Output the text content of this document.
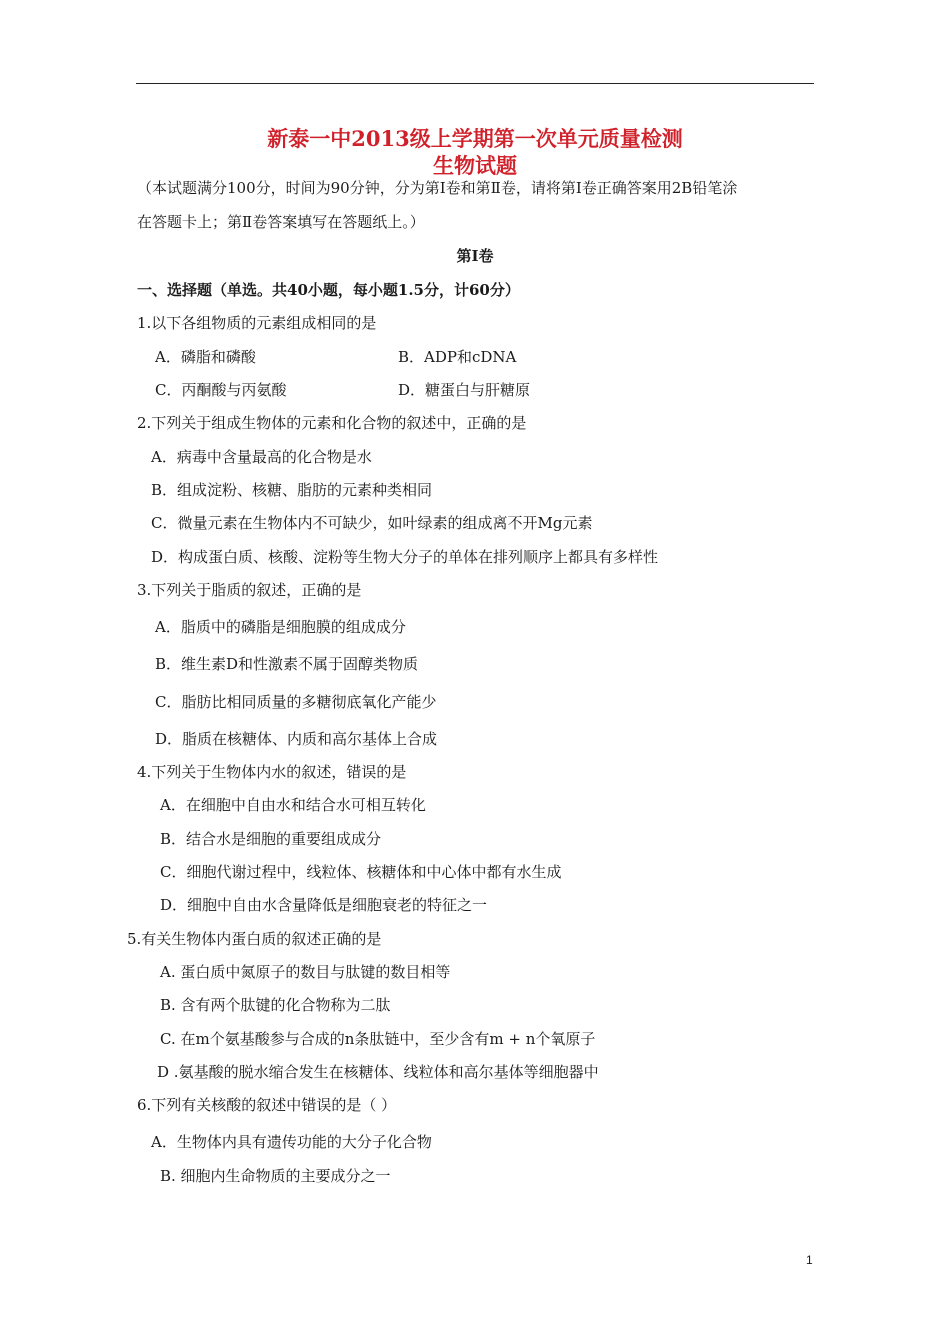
新泰一中2013级上学期第一次单元质量检测
生物试题
（本试题满分100分，时间为90分钟，分为第Ⅰ卷和第Ⅱ卷，请将第Ⅰ卷正确答案用2B铅笔涂
在答题卡上；第Ⅱ卷答案填写在答题纸上。）
第Ⅰ卷
一、选择题（单选。共40小题，每小题1.5分，计60分）
1.以下各组物质的元素组成相同的是
A．磷脂和磷酸	B．ADP和cDNA
C．丙酮酸与丙氨酸	D．糖蛋白与肝糖原
2.下列关于组成生物体的元素和化合物的叙述中，正确的是
A．病毒中含量最高的化合物是水
B．组成淀粉、核糖、脂肪的元素种类相同
C．微量元素在生物体内不可缺少，如叶绿素的组成离不开Mg元素
D．构成蛋白质、核酸、淀粉等生物大分子的单体在排列顺序上都具有多样性
3.下列关于脂质的叙述，正确的是
A．脂质中的磷脂是细胞膜的组成成分
B．维生素D和性激素不属于固醇类物质
C．脂肪比相同质量的多糖彻底氧化产能少
D．脂质在核糖体、内质和高尔基体上合成
4.下列关于生物体内水的叙述，错误的是
A．在细胞中自由水和结合水可相互转化
B．结合水是细胞的重要组成成分
C．细胞代谢过程中，线粒体、核糖体和中心体中都有水生成
D．细胞中自由水含量降低是细胞衰老的特征之一
5.有关生物体内蛋白质的叙述正确的是
A. 蛋白质中氮原子的数目与肽键的数目相等
B. 含有两个肽键的化合物称为二肽
C. 在m个氨基酸参与合成的n条肽链中，至少含有m + n个氧原子
D .氨基酸的脱水缩合发生在核糖体、线粒体和高尔基体等细胞器中
6.下列有关核酸的叙述中错误的是（ ）
A．生物体内具有遗传功能的大分子化合物
B. 细胞内生命物质的主要成分之一
1
